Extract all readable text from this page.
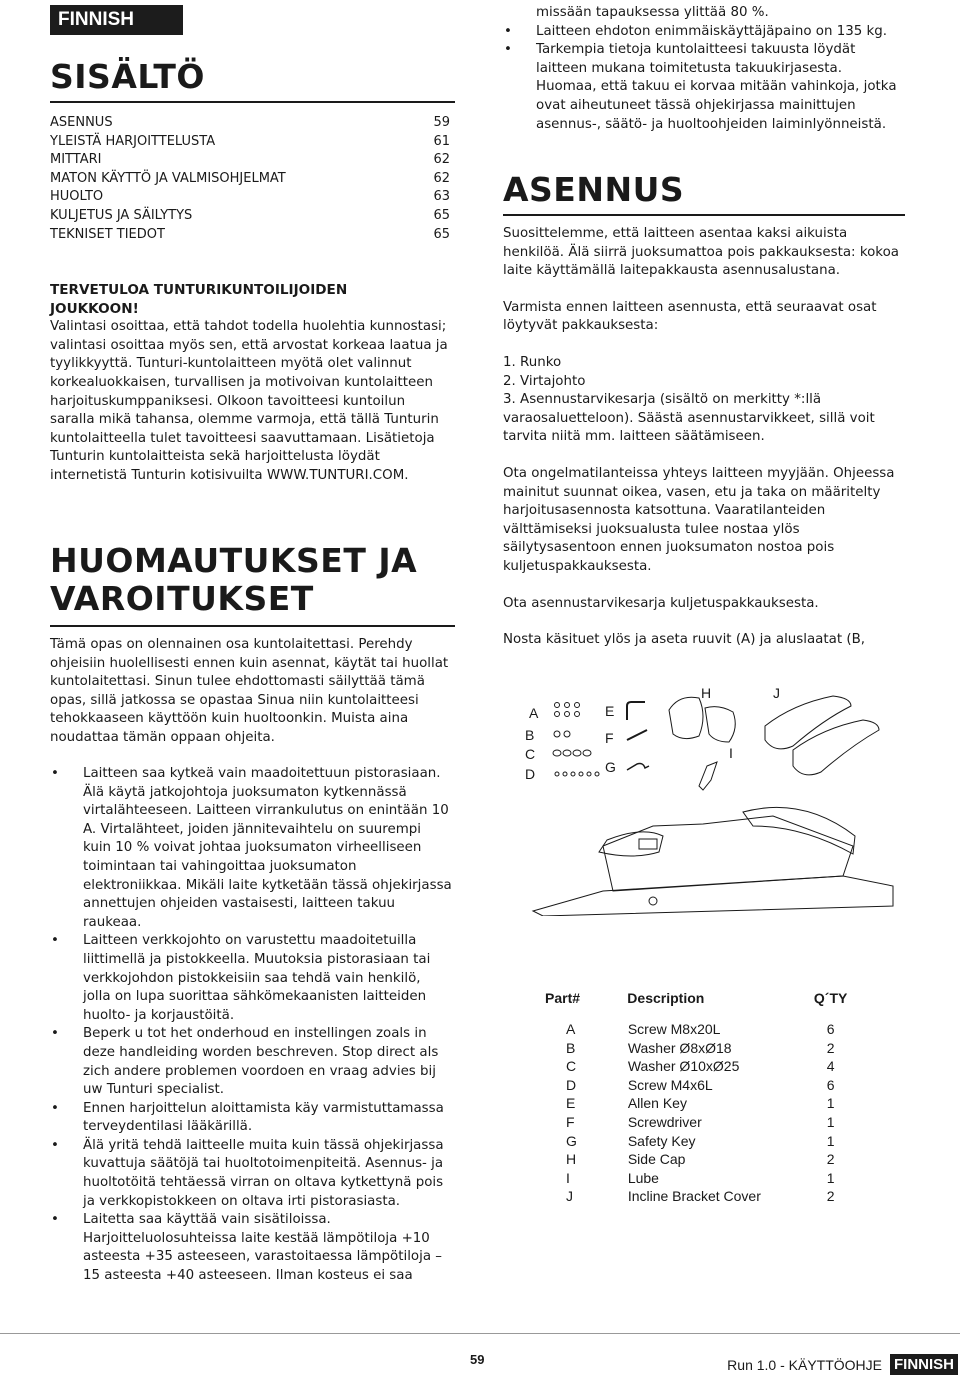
FINNISH
SISÄLTÖ
ASENNUS	59
YLEISTÄ HARJOITTELUSTA	61
MITTARI	62
MATON KÄYTTÖ JA VALMISOHJELMAT	62
HUOLTO	63
KULJETUS JA SÄILYTYS	65
TEKNISET TIEDOT	65
TERVETULOA TUNTURIKUNTOILIJOIDEN
JOUKKOON!

Valintasi osoittaa, että tahdot todella huolehtia kunnostasi; valintasi osoittaa myös sen, että arvostat korkeaa laatua ja tyylikkyyttä. Tunturi-kuntolaitteen myötä olet valinnut korkealuokkaisen, turvallisen ja motivoivan kuntolaitteen harjoituskumppaniksesi. Olkoon tavoitteesi kuntoilun saralla mikä tahansa, olemme varmoja, että tällä Tunturin kuntolaitteella tulet tavoitteesi saavuttamaan. Lisätietoja Tunturin kuntolaitteista sekä harjoittelusta löydät internetistä Tunturin kotisivuilta WWW.TUNTURI.COM.

HUOMAUTUKSET JA
VAROITUKSET

Tämä opas on olennainen osa kuntolaitettasi. Perehdy ohjeisiin huolellisesti ennen kuin asennat, käytät tai huollat kuntolaitettasi. Sinun tulee ehdottomasti säilyttää tämä opas, sillä jatkossa se opastaa Sinua niin kuntolaitteesi tehokkaaseen käyttöön kuin huoltoonkin. Muista aina noudattaa tämän oppaan ohjeita.

• Laitteen saa kytkeä vain maadoitettuun pistorasiaan. Älä käytä jatkojohtoja juoksumaton kytkennässä virtalähteeseen. Laitteen virrankulutus on enintään 10 A. Virtalähteet, joiden jännitevaihtelu on suurempi kuin 10 % voivat johtaa juoksumaton virheelliseen toimintaan tai vahingoittaa juoksumaton elektroniikkaa. Mikäli laite kytketään tässä ohjekirjassa annettujen ohjeiden vastaisesti, laitteen takuu raukeaa.
• Laitteen verkkojohto on varustettu maadoitetuilla liittimellä ja pistokkeella. Muutoksia pistorasiaan tai verkkojohdon pistokkeisiin saa tehdä vain henkilö, jolla on lupa suorittaa sähkömekaanisten laitteiden huolto- ja korjaustöitä.
• Beperk u tot het onderhoud en instellingen zoals in deze handleiding worden beschreven. Stop direct als zich andere problemen voordoen en vraag advies bij uw Tunturi specialist.
• Ennen harjoittelun aloittamista käy varmistuttamassa terveydentilasi lääkärillä.
• Älä yritä tehdä laitteelle muita kuin tässä ohjekirjassa kuvattuja säätöjä tai huoltotoimenpiteitä. Asennus- ja huoltotöitä tehtäessä virran on oltava kytkettynä pois ja verkkopistokkeen on oltava irti pistorasiasta.
• Laitetta saa käyttää vain sisätiloissa. Harjoitteluolosuhteissa laite kestää lämpötiloja +10 asteesta +35 asteeseen, varastoitaessa lämpötiloja –15 asteesta +40 asteeseen. Ilman kosteus ei saa
missään tapauksessa ylittää 80 %.
• Laitteen ehdoton enimmäiskäyttäjäpaino on 135 kg.
• Tarkempia tietoja kuntolaitteesi takuusta löydät laitteen mukana toimitetusta takuukirjasesta. Huomaa, että takuu ei korvaa mitään vahinkoja, jotka ovat aiheutuneet tässä ohjekirjassa mainittujen asennus-, säätö- ja huoltoohjeiden laiminlyönneistä.
ASENNUS

Suosittelemme, että laitteen asentaa kaksi aikuista henkilöä. Älä siirrä juoksumattoa pois pakkauksesta: kokoa laite käyttämällä laitepakkausta asennusalustana.

Varmista ennen laitteen asennusta, että seuraavat osat löytyvät pakkauksesta:

1. Runko
2. Virtajohto
3. Asennustarvikesarja (sisältö on merkitty *:llä varaosaluetteloon). Säästä asennustarvikkeet, sillä voit tarvita niitä mm. laitteen säätämiseen.

Ota ongelmatilanteissa yhteys laitteen myyjään. Ohjeessa mainitut suunnat oikea, vasen, etu ja taka on määritelty harjoitusasennosta katsottuna. Vaaratilanteiden välttämiseksi juoksualusta tulee nostaa ylös säilytysasentoon ennen juoksumaton nostoa pois kuljetuspakkauksesta.

Ota asennustarvikesarja kuljetuspakkauksesta.

Nosta käsituet ylös ja aseta ruuvit (A) ja aluslaatat (B,

A
B
C
D
E
F
G
H
I
J
Part#	Description	Q´TY
A	Screw M8x20L	6
B	Washer Ø8xØ18	2
C	Washer Ø10xØ25	4
D	Screw M4x6L	6
E	Allen Key	1
F	Screwdriver	1
G	Safety Key	1
H	Side Cap	2
I	Lube	1
J	Incline Bracket Cover	2
59	Run 1.0 - KÄYTTÖOHJE FINNISH
